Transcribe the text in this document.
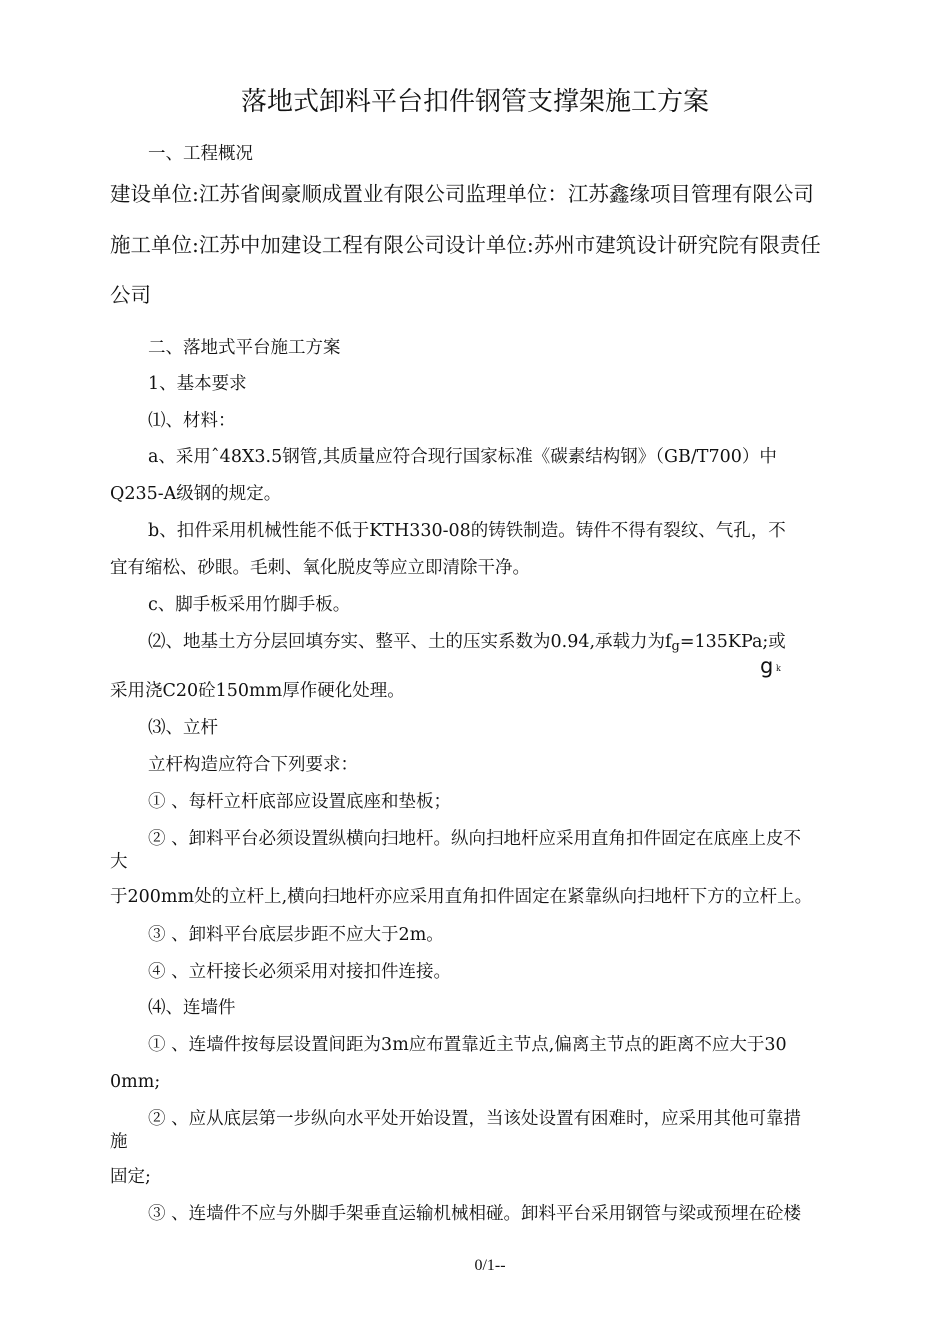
落地式卸料平台扣件钢管支撑架施工方案
一、工程概况
建设单位:江苏省闽豪顺成置业有限公司监理单位：江苏鑫缘项目管理有限公司
施工单位:江苏中加建设工程有限公司设计单位:苏州市建筑设计研究院有限责任
公司
二、落地式平台施工方案
1、基本要求
⑴、材料：
a、采用ˆ48X3.5钢管,其质量应符合现行国家标准《碳素结构钢》（GB/T700）中
Q235-A级钢的规定。
b、扣件采用机械性能不低于KTH330-08的铸铁制造。铸件不得有裂纹、气孔，不
宜有缩松、砂眼。毛刺、氧化脱皮等应立即清除干净。
c、脚手板采用竹脚手板。
⑵、地基土方分层回填夯实、整平、土的压实系数为0.94,承载力为fg=135KPa;或
g k
采用浇C20砼150mm厚作硬化处理。
⑶、立杆
立杆构造应符合下列要求：
① 、每杆立杆底部应设置底座和垫板；
② 、卸料平台必须设置纵横向扫地杆。纵向扫地杆应采用直角扣件固定在底座上皮不
大
于200mm处的立杆上,横向扫地杆亦应采用直角扣件固定在紧靠纵向扫地杆下方的立杆上。
③ 、卸料平台底层步距不应大于2m。
④ 、立杆接长必须采用对接扣件连接。
⑷、连墙件
① 、连墙件按每层设置间距为3m应布置靠近主节点,偏离主节点的距离不应大于30
0mm;
② 、应从底层第一步纵向水平处开始设置，当该处设置有困难时，应采用其他可靠措
施
固定;
③ 、连墙件不应与外脚手架垂直运输机械相碰。卸料平台采用钢管与梁或预埋在砼楼
0/1--
